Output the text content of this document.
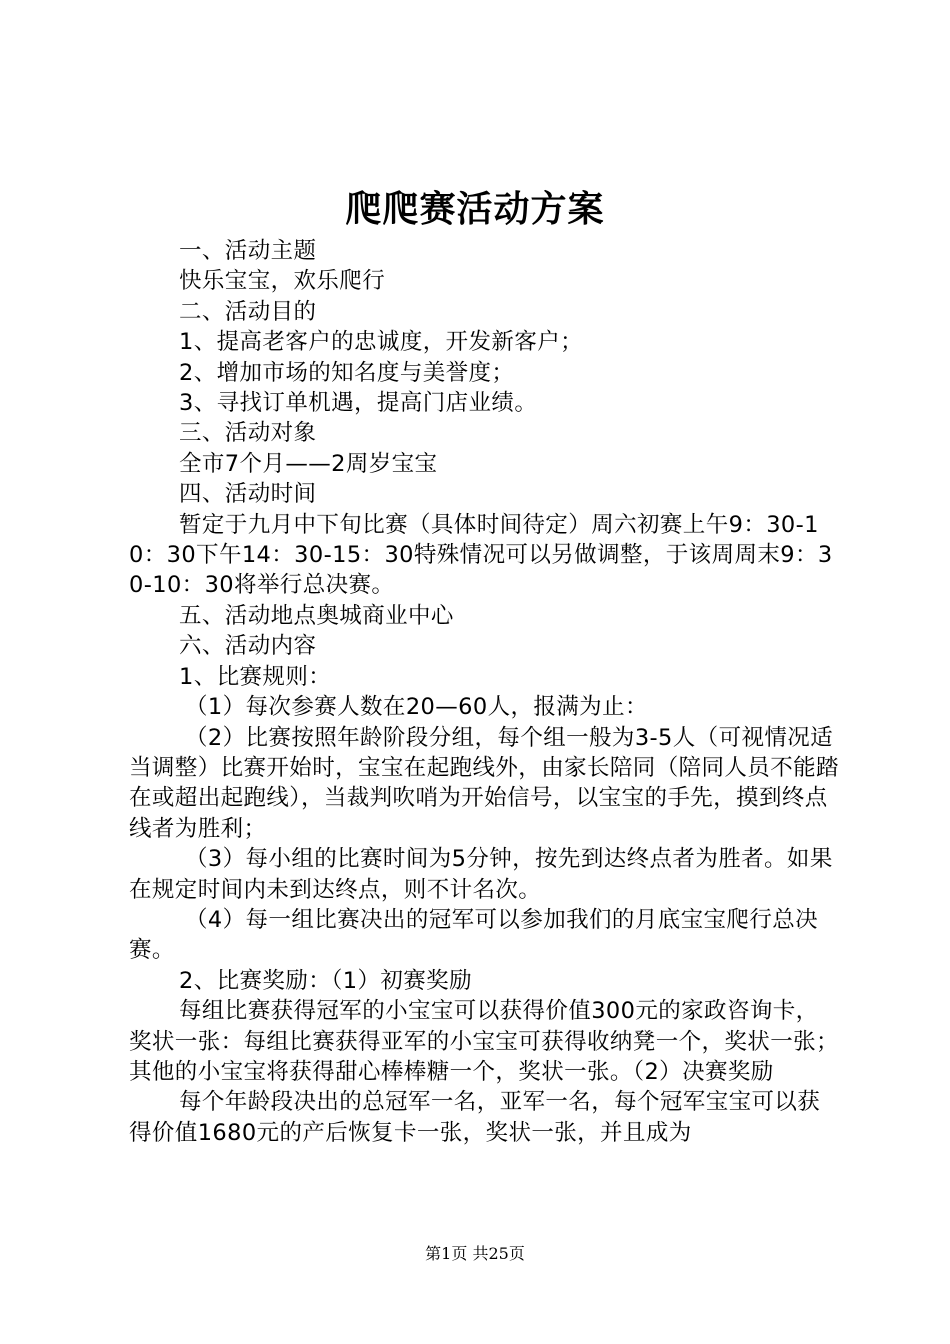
爬爬赛活动方案

一、活动主题

快乐宝宝，欢乐爬行

二、活动目的

1、提高老客户的忠诚度，开发新客户；

2、增加市场的知名度与美誉度；

3、寻找订单机遇，提高门店业绩。

三、活动对象

全市7个月——2周岁宝宝

四、活动时间

暂定于九月中下旬比赛（具体时间待定）周六初赛上午9：30-10：30下午14：30-15：30特殊情况可以另做调整，于该周周末9：30-10：30将举行总决赛。

五、活动地点奥城商业中心

六、活动内容

1、比赛规则：

（1）每次参赛人数在20—60人，报满为止：

（2）比赛按照年龄阶段分组，每个组一般为3-5人（可视情况适当调整）比赛开始时，宝宝在起跑线外，由家长陪同（陪同人员不能踏在或超出起跑线），当裁判吹哨为开始信号，以宝宝的手先，摸到终点线者为胜利；

（3）每小组的比赛时间为5分钟，按先到达终点者为胜者。如果在规定时间内未到达终点，则不计名次。

（4）每一组比赛决出的冠军可以参加我们的月底宝宝爬行总决赛。

2、比赛奖励：（1）初赛奖励

每组比赛获得冠军的小宝宝可以获得价值300元的家政咨询卡，奖状一张：每组比赛获得亚军的小宝宝可获得收纳凳一个，奖状一张；其他的小宝宝将获得甜心棒棒糖一个，奖状一张。（2）决赛奖励

每个年龄段决出的总冠军一名，亚军一名，每个冠军宝宝可以获得价值1680元的产后恢复卡一张，奖状一张，并且成为

第1页 共25页
